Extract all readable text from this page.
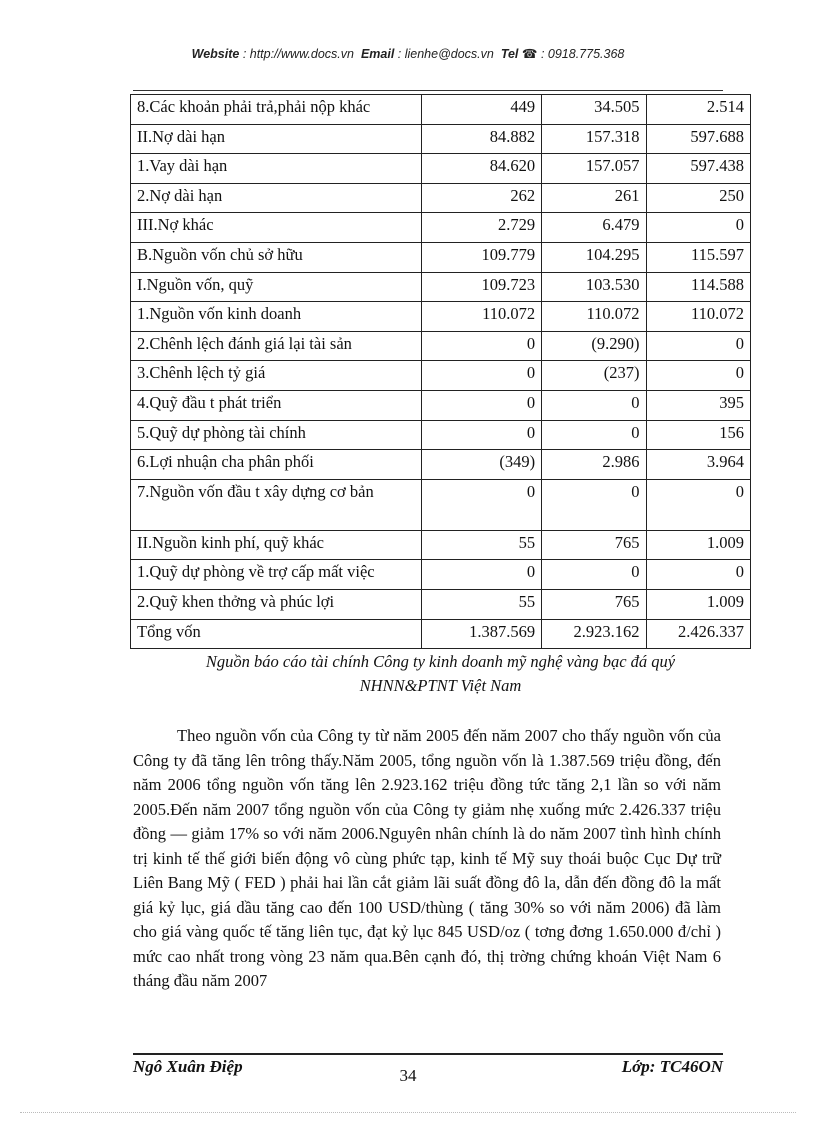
Website : http://www.docs.vn Email : lienhe@docs.vn Tel ☎ : 0918.775.368
8.Các khoản phải trả,phải nộp khác	449	34.505	2.514
II.Nợ dài hạn	84.882	157.318	597.688
1.Vay dài hạn	84.620	157.057	597.438
2.Nợ dài hạn	262	261	250
III.Nợ khác	2.729	6.479	0
B.Nguồn vốn chủ sở hữu	109.779	104.295	115.597
I.Nguồn vốn, quỹ	109.723	103.530	114.588
1.Nguồn vốn kinh doanh	110.072	110.072	110.072
2.Chênh lệch đánh giá lại tài sản	0	(9.290)	0
3.Chênh lệch tỷ giá	0	(237)	0
4.Quỹ đầu t phát triển	0	0	395
5.Quỹ dự phòng tài chính	0	0	156
6.Lợi nhuận cha phân phối	(349)	2.986	3.964
7.Nguồn vốn đầu t xây dựng cơ bản	0	0	0
II.Nguồn kinh phí, quỹ khác	55	765	1.009
1.Quỹ dự phòng về trợ cấp mất việc	0	0	0
2.Quỹ khen thởng và phúc lợi	55	765	1.009
Tổng vốn	1.387.569	2.923.162	2.426.337
Nguồn báo cáo tài chính Công ty kinh doanh mỹ nghệ vàng bạc đá quý
NHNN&PTNT Việt Nam

Theo nguồn vốn của Công ty từ năm 2005 đến năm 2007 cho thấy nguồn vốn của Công ty đã tăng lên trông thấy.Năm 2005, tổng nguồn vốn là 1.387.569 triệu đồng, đến năm 2006 tổng nguồn vốn tăng lên 2.923.162 triệu đồng tức tăng 2,1 lần so với năm 2005.Đến năm 2007 tổng nguồn vốn của Công ty giảm nhẹ xuống mức 2.426.337 triệu đồng — giảm 17% so với năm 2006.Nguyên nhân chính là do năm 2007 tình hình chính trị kinh tế thế giới biến động vô cùng phức tạp, kinh tế Mỹ suy thoái buộc Cục Dự trữ Liên Bang Mỹ ( FED ) phải hai lần cắt giảm lãi suất đồng đô la, dẫn đến đồng đô la mất giá kỷ lục, giá dầu tăng cao đến 100 USD/thùng ( tăng 30% so với năm 2006) đã làm cho giá vàng quốc tế tăng liên tục, đạt kỷ lục 845 USD/oz ( tơng đơng 1.650.000 đ/chỉ ) mức cao nhất trong vòng 23 năm qua.Bên cạnh đó, thị trờng chứng khoán Việt Nam 6 tháng đầu năm 2007

Ngô Xuân Điệp	34	Lớp: TC46ON
